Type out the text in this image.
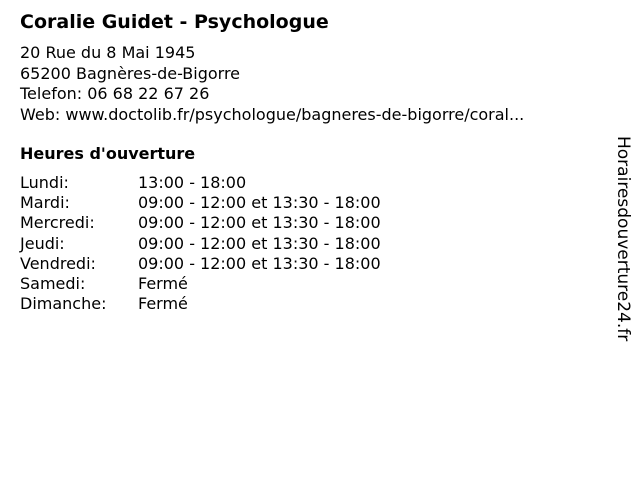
Coralie Guidet - Psychologue
20 Rue du 8 Mai 1945
65200 Bagnères-de-Bigorre
Telefon: 06 68 22 67 26
Web: www.doctolib.fr/psychologue/bagneres-de-bigorre/coral...
Heures d'ouverture
Lundi:	13:00 - 18:00
Mardi:	09:00 - 12:00 et 13:30 - 18:00
Mercredi:	09:00 - 12:00 et 13:30 - 18:00
Jeudi:	09:00 - 12:00 et 13:30 - 18:00
Vendredi:	09:00 - 12:00 et 13:30 - 18:00
Samedi:	Fermé
Dimanche:	Fermé	Horairesdouverture24.fr
